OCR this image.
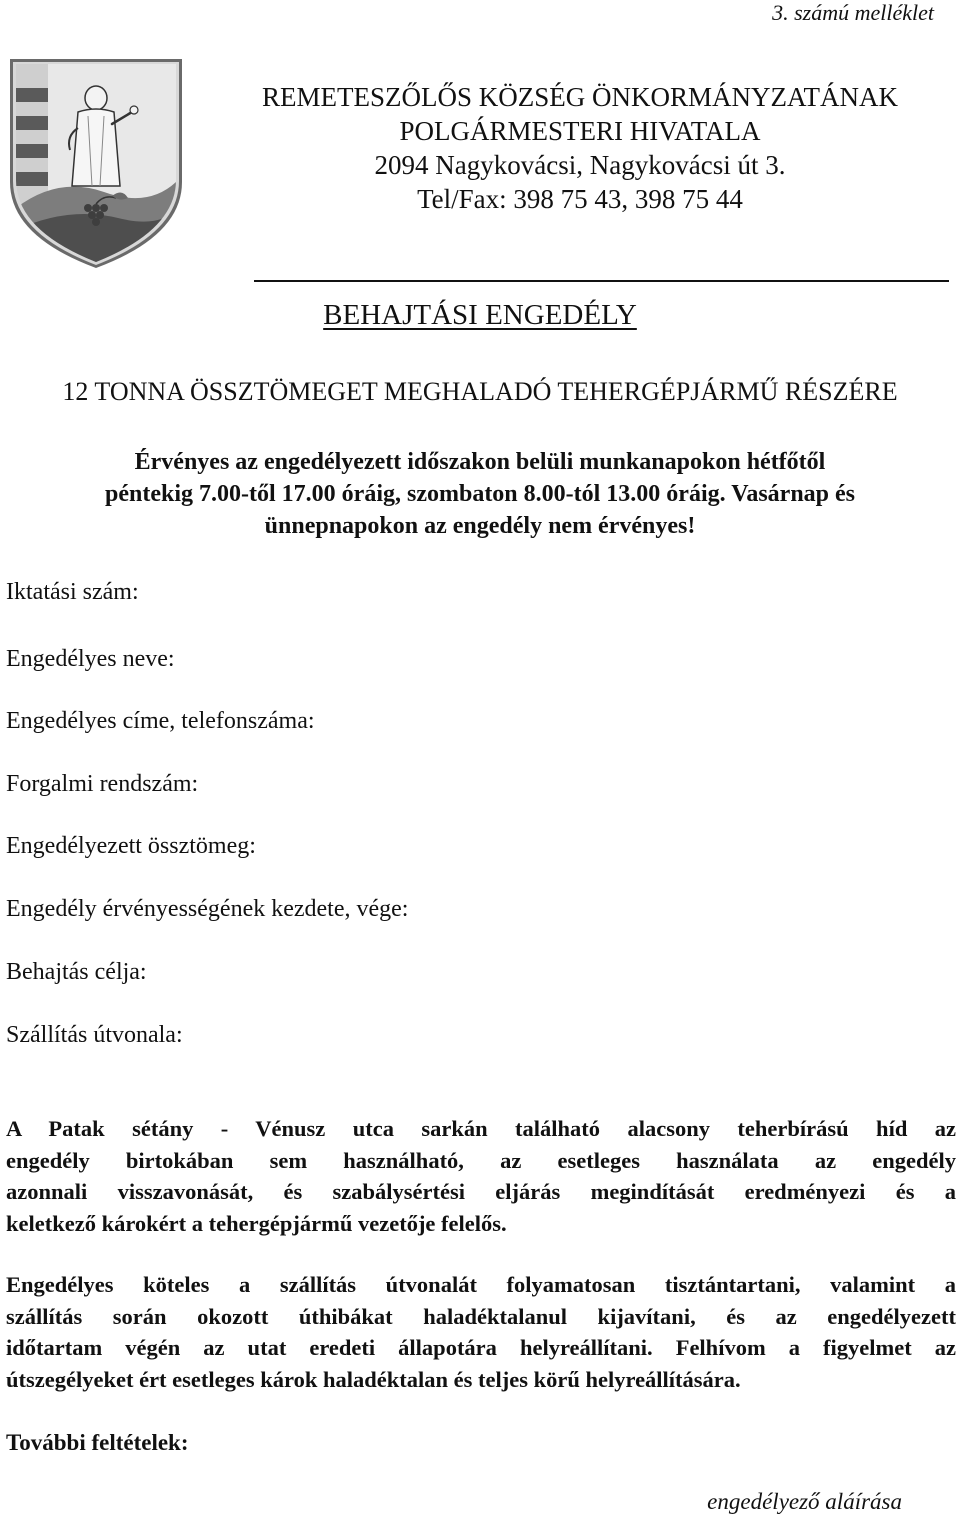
3. számú melléklet
REMETESZŐLŐS KÖZSÉG ÖNKORMÁNYZATÁNAK
POLGÁRMESTERI HIVATALA
2094 Nagykovácsi, Nagykovácsi út 3.
Tel/Fax: 398 75 43, 398 75 44
BEHAJTÁSI ENGEDÉLY
12 TONNA ÖSSZTÖMEGET MEGHALADÓ TEHERGÉPJÁRMŰ RÉSZÉRE
Érvényes az engedélyezett időszakon belüli munkanapokon hétfőtől
péntekig 7.00-től 17.00 óráig, szombaton 8.00-tól 13.00 óráig. Vasárnap és
ünnepnapokon az engedély nem érvényes!
Iktatási szám:
Engedélyes neve:
Engedélyes címe, telefonszáma:
Forgalmi rendszám:
Engedélyezett össztömeg:
Engedély érvényességének kezdete, vége:
Behajtás célja:
Szállítás útvonala:
A Patak sétány - Vénusz utca sarkán található alacsony teherbírású híd az
engedély birtokában sem használható, az esetleges használata az engedély
azonnali visszavonását, és szabálysértési eljárás megindítását eredményezi és a
keletkező károkért a tehergépjármű vezetője felelős.
Engedélyes köteles a szállítás útvonalát folyamatosan tisztántartani, valamint a
szállítás során okozott úthibákat haladéktalanul kijavítani, és az engedélyezett
időtartam végén az utat eredeti állapotára helyreállítani. Felhívom a figyelmet az
útszegélyeket ért esetleges károk haladéktalan és teljes körű helyreállítására.
További feltételek:
engedélyező aláírása
